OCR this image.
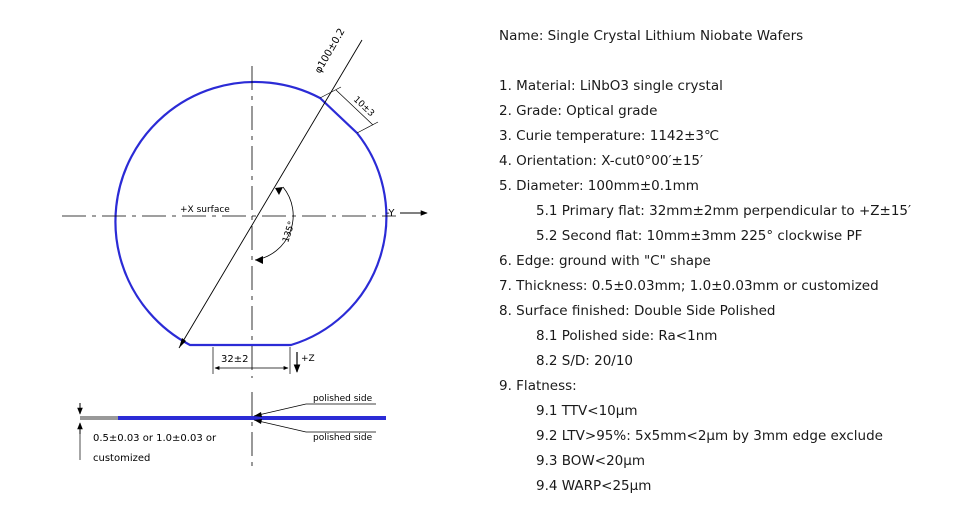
-Y
+X surface
φ100±0.2
10±3
135°
32±2	+Z
0.5±0.03 or 1.0±0.03 or
customized
polished side
polished side
Name: Single Crystal Lithium Niobate Wafers
1. Material: LiNbO3 single crystal
2. Grade: Optical grade
3. Curie temperature: 1142±3℃
4. Orientation: X-cut0°00′±15′
5. Diameter: 100mm±0.1mm
5.1 Primary flat: 32mm±2mm perpendicular to +Z±15′
5.2 Second flat: 10mm±3mm 225° clockwise PF
6. Edge: ground with "C" shape
7. Thickness: 0.5±0.03mm; 1.0±0.03mm or customized
8. Surface finished: Double Side Polished
8.1 Polished side: Ra<1nm
8.2 S/D: 20/10
9. Flatness:
9.1 TTV<10μm
9.2 LTV>95%: 5x5mm<2μm by 3mm edge exclude
9.3 BOW<20μm
9.4 WARP<25μm
